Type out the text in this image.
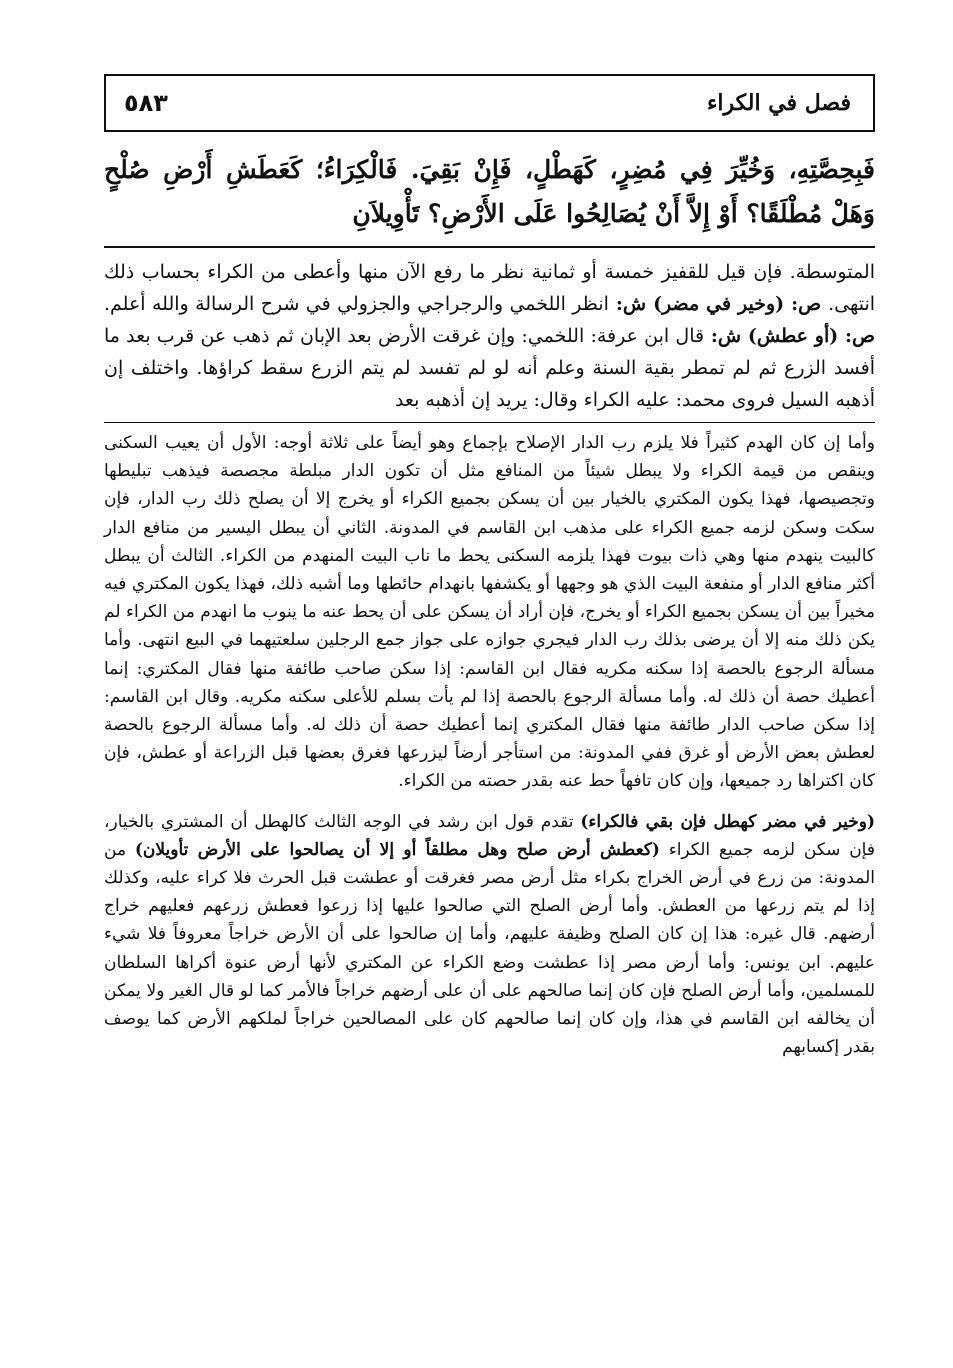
فصل في الكراء
٥٨٣
فَبِحِصَّتِهِ، وَخُيِّرَ فِي مُضِرٍ، كَهَطْلٍ، فَإِنْ بَقِيَ. فَالْكِرَاءُ؛ كَعَطَشِ أَرْضِ صُلْحٍ وَهَلْ مُطْلَقًا؟ أَوْ إِلاَّ أَنْ يُصَالِحُوا عَلَى الأَرْضِ؟ تَأْوِيلاَنِ
المتوسطة. فإن قيل للقفيز خمسة أو ثمانية نظر ما رفع الآن منها وأعطى من الكراء بحساب ذلك انتهى. ص: (وخير في مضر) ش: انظر اللخمي والرجراجي والجزولي في شرح الرسالة والله أعلم. ص: (أو عطش) ش: قال ابن عرفة: اللخمي: وإن غرقت الأرض بعد الإبان ثم ذهب عن قرب بعد ما أفسد الزرع ثم لم تمطر بقية السنة وعلم أنه لو لم تفسد لم يتم الزرع سقط كراؤها. واختلف إن أذهبه السيل فروى محمد: عليه الكراء وقال: يريد إن أذهبه بعد

وأما إن كان الهدم كثيراً فلا يلزم رب الدار الإصلاح بإجماع وهو أيضاً على ثلاثة أوجه: الأول أن يعيب السكنى وينقص من قيمة الكراء ولا يبطل شيئاً من المنافع مثل أن تكون الدار مبلطة مجصصة فيذهب تبليطها وتجصيصها، فهذا يكون المكتري بالخيار بين أن يسكن بجميع الكراء أو يخرج إلا أن يصلح ذلك رب الدار، فإن سكت وسكن لزمه جميع الكراء على مذهب ابن القاسم في المدونة. الثاني أن يبطل اليسير من منافع الدار كالبيت ينهدم منها وهي ذات بيوت فهذا يلزمه السكنى يحط ما ناب البيت المنهدم من الكراء. الثالث أن يبطل أكثر منافع الدار أو منفعة البيت الذي هو وجهها أو يكشفها بانهدام حائطها وما أشبه ذلك، فهذا يكون المكتري فيه مخيراً بين أن يسكن بجميع الكراء أو يخرج، فإن أراد أن يسكن على أن يحط عنه ما ينوب ما انهدم من الكراء لم يكن ذلك منه إلا أن يرضى بذلك رب الدار فيجري جوازه على جواز جمع الرجلين سلعتيهما في البيع انتهى. وأما مسألة الرجوع بالحصة إذا سكنه مكريه فقال ابن القاسم: إذا سكن صاحب طائفة منها فقال المكتري: إنما أعطيك حصة أن ذلك له. وأما مسألة الرجوع بالحصة إذا لم يأت بسلم للأعلى سكنه مكريه. وقال ابن القاسم: إذا سكن صاحب الدار طائفة منها فقال المكتري إنما أعطيك حصة أن ذلك له. وأما مسألة الرجوع بالحصة لعطش بعض الأرض أو غرق ففي المدونة: من استأجر أرضاً ليزرعها فغرق بعضها قبل الزراعة أو عطش، فإن كان اكتراها رد جميعها، وإن كان تافهاً حط عنه بقدر حصته من الكراء.

(وخير في مضر كهطل فإن بقي فالكراء) تقدم قول ابن رشد في الوجه الثالث كالهطل أن المشتري بالخيار، فإن سكن لزمه جميع الكراء (كعطش أرض صلح وهل مطلقاً أو إلا أن يصالحوا على الأرض تأويلان) من المدونة: من زرع في أرض الخراج بكراء مثل أرض مصر فغرقت أو عطشت قبل الحرث فلا كراء عليه، وكذلك إذا لم يتم زرعها من العطش. وأما أرض الصلح التي صالحوا عليها إذا زرعوا فعطش زرعهم فعليهم خراج أرضهم. قال غيره: هذا إن كان الصلح وظيفة عليهم، وأما إن صالحوا على أن الأرض خراجاً معروفاً فلا شيء عليهم. ابن يونس: وأما أرض مصر إذا عطشت وضع الكراء عن المكتري لأنها أرض عنوة أكراها السلطان للمسلمين، وأما أرض الصلح فإن كان إنما صالحهم على أن على أرضهم خراجاً فالأمر كما لو قال الغير ولا يمكن أن يخالفه ابن القاسم في هذا، وإن كان إنما صالحهم كان على المصالحين خراجاً لملكهم الأرض كما يوصف بقدر إكسابهم
